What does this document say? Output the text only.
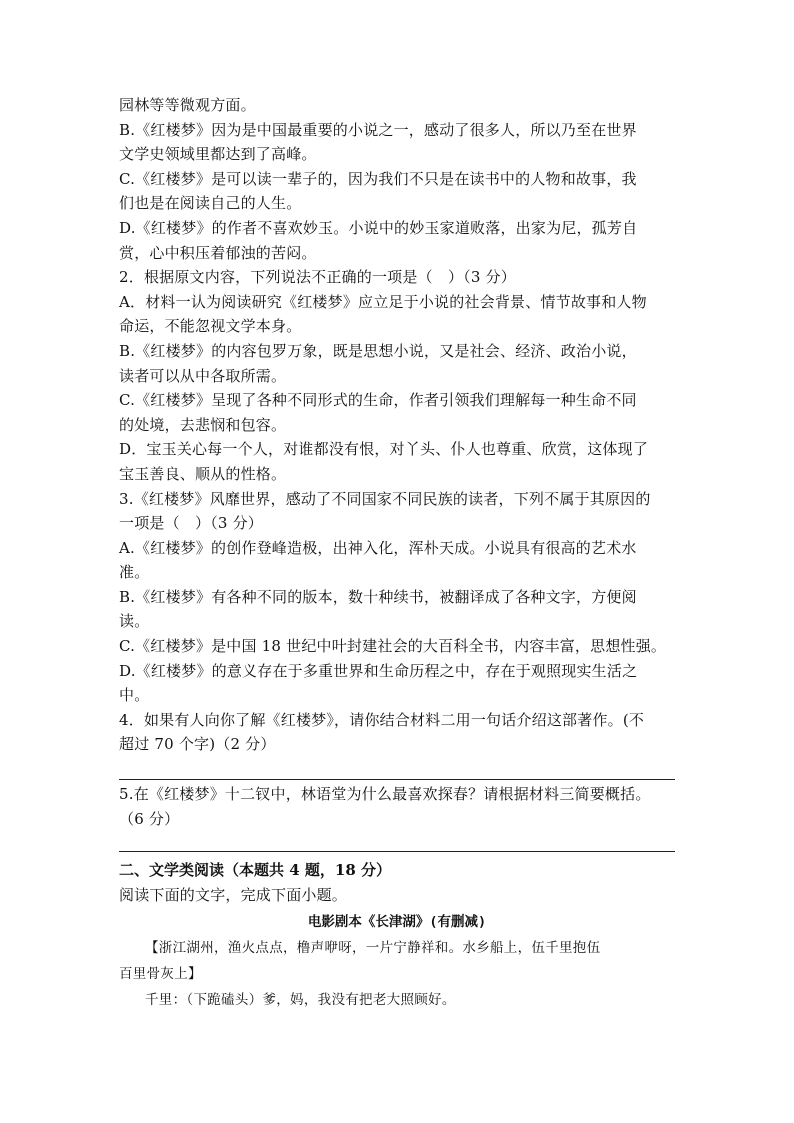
园林等等微观方面。
B.《红楼梦》因为是中国最重要的小说之一，感动了很多人，所以乃至在世界
文学史领域里都达到了高峰。
C.《红楼梦》是可以读一辈子的，因为我们不只是在读书中的人物和故事，我
们也是在阅读自己的人生。
D.《红楼梦》的作者不喜欢妙玉。小说中的妙玉家道败落，出家为尼，孤芳自
赏，心中积压着郁浊的苦闷。
2．根据原文内容，下列说法不正确的一项是（　）（3 分）
A．材料一认为阅读研究《红楼梦》应立足于小说的社会背景、情节故事和人物
命运，不能忽视文学本身。
B.《红楼梦》的内容包罗万象，既是思想小说，又是社会、经济、政治小说，
读者可以从中各取所需。
C.《红楼梦》呈现了各种不同形式的生命，作者引领我们理解每一种生命不同
的处境，去悲悯和包容。
D．宝玉关心每一个人，对谁都没有恨，对丫头、仆人也尊重、欣赏，这体现了
宝玉善良、顺从的性格。
3.《红楼梦》风靡世界，感动了不同国家不同民族的读者，下列不属于其原因的
一项是（　）（3 分）
A.《红楼梦》的创作登峰造极，出神入化，浑朴天成。小说具有很高的艺术水
准。
B.《红楼梦》有各种不同的版本，数十种续书，被翻译成了各种文字，方便阅
读。
C.《红楼梦》是中国 18 世纪中叶封建社会的大百科全书，内容丰富，思想性强。
D.《红楼梦》的意义存在于多重世界和生命历程之中，存在于观照现实生活之
中。
4．如果有人向你了解《红楼梦》，请你结合材料二用一句话介绍这部著作。(不
超过 70 个字)（2 分）
5.在《红楼梦》十二钗中，林语堂为什么最喜欢探春？请根据材料三简要概括。
（6 分）
二、文学类阅读（本题共 4 题，18 分）
阅读下面的文字，完成下面小题。
电影剧本《长津湖》(有删减)
【浙江湖州，渔火点点，橹声咿呀，一片宁静祥和。水乡船上，伍千里抱伍
百里骨灰上】
千里：（下跪磕头）爹，妈，我没有把老大照顾好。
